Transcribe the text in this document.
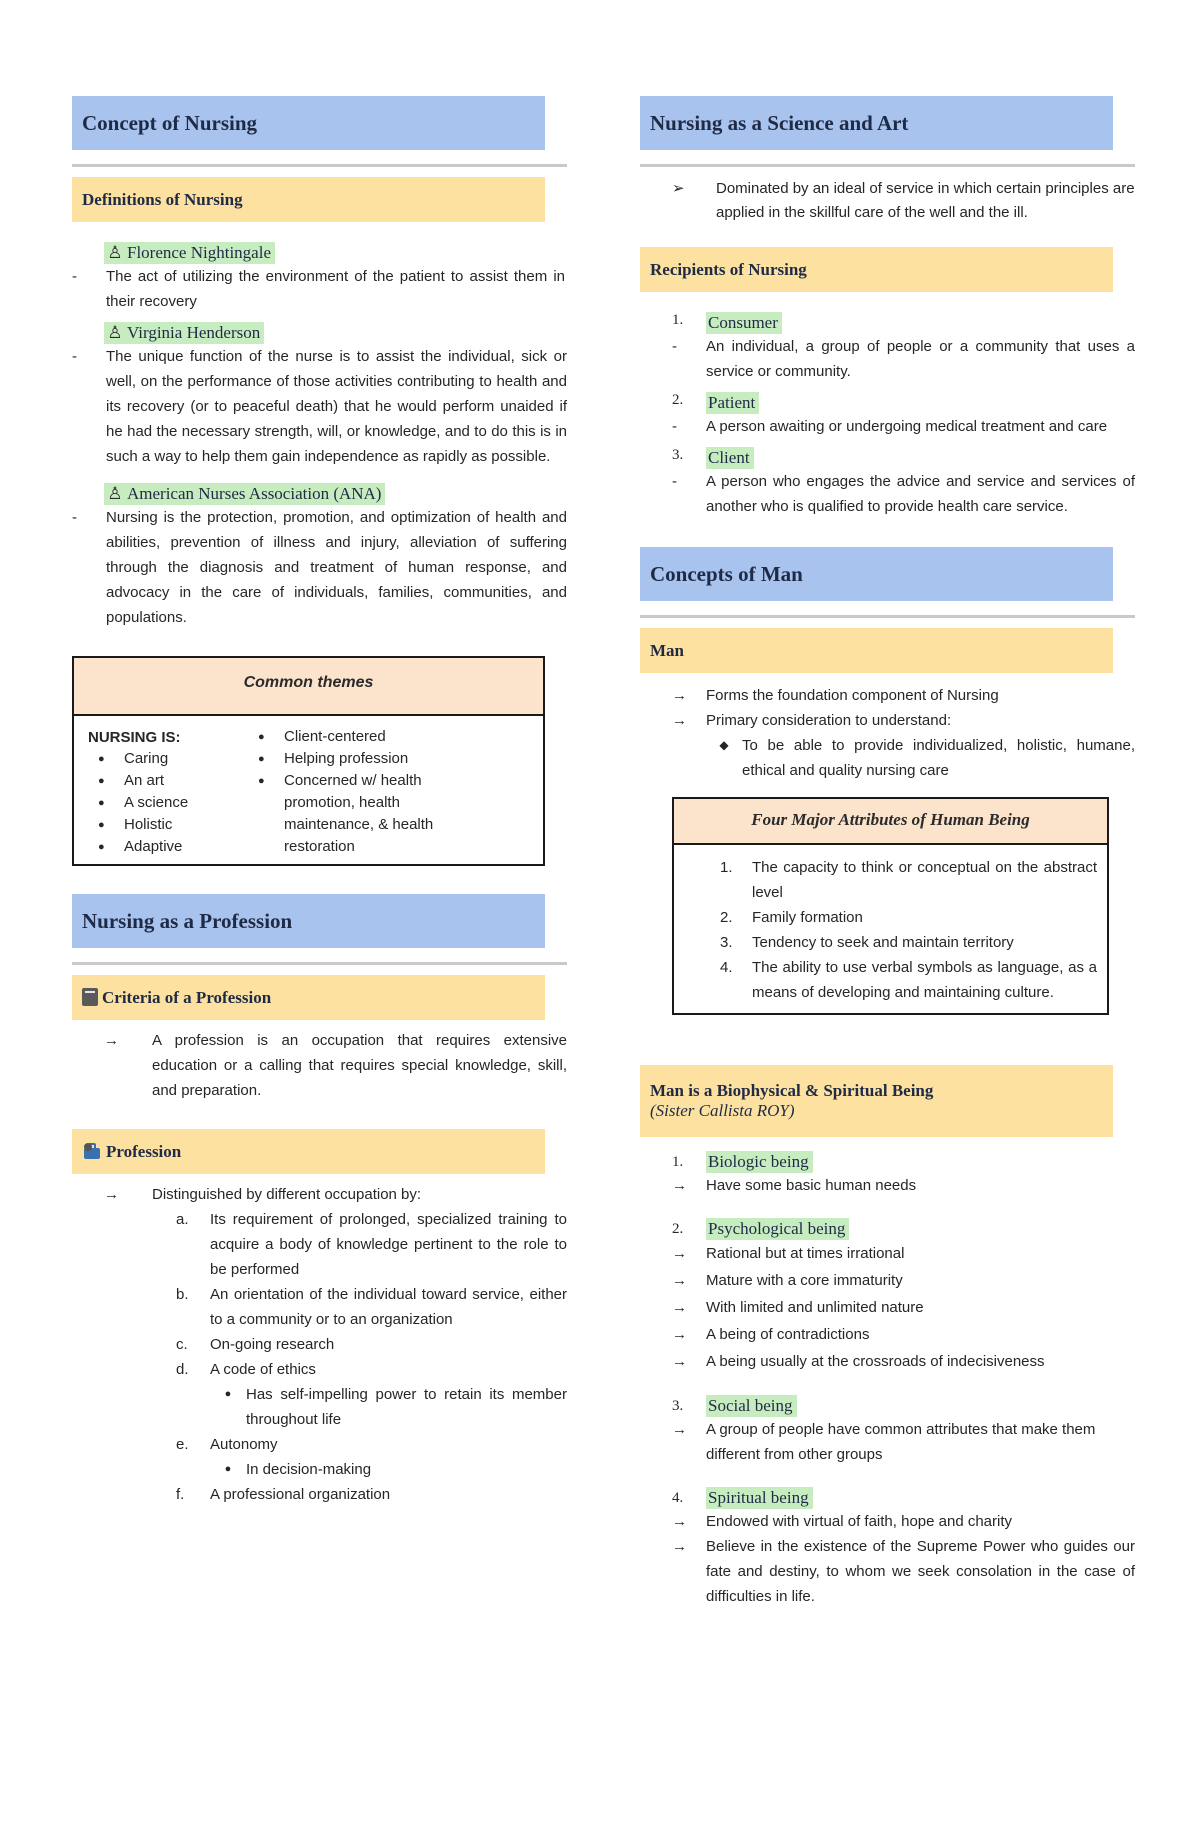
Concept of Nursing
Definitions of Nursing
♙ Florence Nightingale
-	The act of utilizing the environment of the patient to assist them in their recovery
♙ Virginia Henderson
-	The unique function of the nurse is to assist the individual, sick or well, on the performance of those activities contributing to health and its recovery (or to peaceful death) that he would perform unaided if he had the necessary strength, will, or knowledge, and to do this is in such a way to help them gain independence as rapidly as possible.
♙ American Nurses Association (ANA)
-	Nursing is the protection, promotion, and optimization of health and abilities, prevention of illness and injury, alleviation of suffering through the diagnosis and treatment of human response, and advocacy in the care of individuals, families, communities, and populations.
Common themes
NURSING IS:
● Caring
● An art
● A science
● Holistic
● Adaptive
● Client-centered
● Helping profession
● Concerned w/ health promotion, health maintenance, & health restoration
Nursing as a Profession
Criteria of a Profession
→	A profession is an occupation that requires extensive education or a calling that requires special knowledge, skill, and preparation.
Profession
→	Distinguished by different occupation by:
a.	Its requirement of prolonged, specialized training to acquire a body of knowledge pertinent to the role to be performed
b.	An orientation of the individual toward service, either to a community or to an organization
c.	On-going research
d.	A code of ethics
● Has self-impelling power to retain its member throughout life
e.	Autonomy
● In decision-making
f.	A professional organization
Nursing as a Science and Art
➢	Dominated by an ideal of service in which certain principles are applied in the skillful care of the well and the ill.
Recipients of Nursing
1.	Consumer
-	An individual, a group of people or a community that uses a service or community.
2.	Patient
-	A person awaiting or undergoing medical treatment and care
3.	Client
-	A person who engages the advice and service and services of another who is qualified to provide health care service.
Concepts of Man
Man
→	Forms the foundation component of Nursing
→	Primary consideration to understand:
◆ To be able to provide individualized, holistic, humane, ethical and quality nursing care
Four Major Attributes of Human Being
1.	The capacity to think or conceptual on the abstract level
2.	Family formation
3.	Tendency to seek and maintain territory
4.	The ability to use verbal symbols as language, as a means of developing and maintaining culture.
Man is a Biophysical & Spiritual Being
(Sister Callista ROY)
1.	Biologic being
→	Have some basic human needs
2.	Psychological being
→	Rational but at times irrational
→	Mature with a core immaturity
→	With limited and unlimited nature
→	A being of contradictions
→	A being usually at the crossroads of indecisiveness
3.	Social being
→	A group of people have common attributes that make them different from other groups
4.	Spiritual being
→	Endowed with virtual of faith, hope and charity
→	Believe in the existence of the Supreme Power who guides our fate and destiny, to whom we seek consolation in the case of difficulties in life.
